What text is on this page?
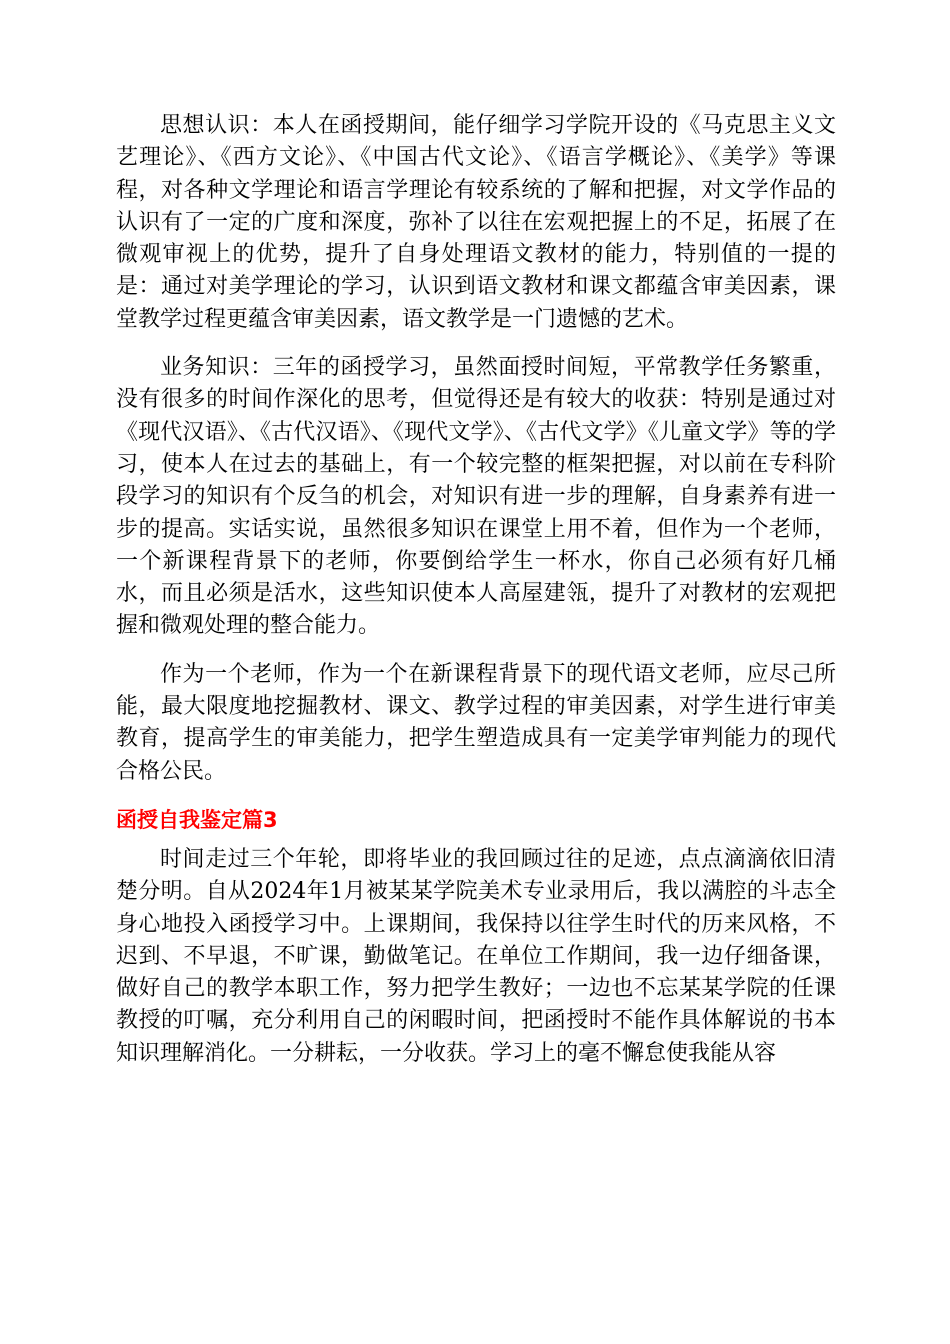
思想认识：本人在函授期间，能仔细学习学院开设的《马克思主义文艺理论》、《西方文论》、《中国古代文论》、《语言学概论》、《美学》等课程，对各种文学理论和语言学理论有较系统的了解和把握，对文学作品的认识有了一定的广度和深度，弥补了以往在宏观把握上的不足，拓展了在微观审视上的优势，提升了自身处理语文教材的能力，特别值的一提的是：通过对美学理论的学习，认识到语文教材和课文都蕴含审美因素，课堂教学过程更蕴含审美因素，语文教学是一门遗憾的艺术。

业务知识：三年的函授学习，虽然面授时间短，平常教学任务繁重，没有很多的时间作深化的思考，但觉得还是有较大的收获：特别是通过对《现代汉语》、《古代汉语》、《现代文学》、《古代文学》《儿童文学》等的学习，使本人在过去的基础上，有一个较完整的框架把握，对以前在专科阶段学习的知识有个反刍的机会，对知识有进一步的理解，自身素养有进一步的提高。实话实说，虽然很多知识在课堂上用不着，但作为一个老师，一个新课程背景下的老师，你要倒给学生一杯水，你自己必须有好几桶水，而且必须是活水，这些知识使本人高屋建瓴，提升了对教材的宏观把握和微观处理的整合能力。

作为一个老师，作为一个在新课程背景下的现代语文老师，应尽己所能，最大限度地挖掘教材、课文、教学过程的审美因素，对学生进行审美教育，提高学生的审美能力，把学生塑造成具有一定美学审判能力的现代合格公民。

函授自我鉴定篇3

时间走过三个年轮，即将毕业的我回顾过往的足迹，点点滴滴依旧清楚分明。自从2024年1月被某某学院美术专业录用后，我以满腔的斗志全身心地投入函授学习中。上课期间，我保持以往学生时代的历来风格，不迟到、不早退，不旷课，勤做笔记。在单位工作期间，我一边仔细备课，做好自己的教学本职工作，努力把学生教好；一边也不忘某某学院的任课教授的叮嘱，充分利用自己的闲暇时间，把函授时不能作具体解说的书本知识理解消化。一分耕耘，一分收获。学习上的毫不懈怠使我能从容
